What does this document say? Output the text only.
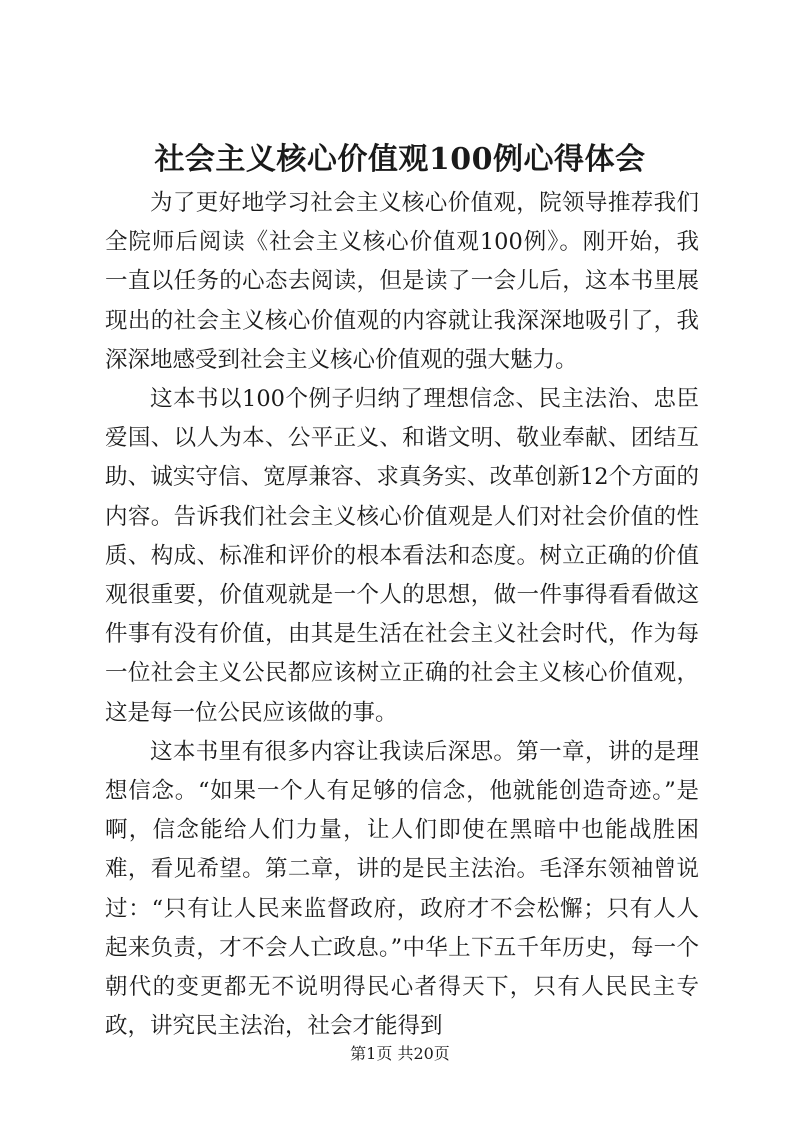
社会主义核心价值观100例心得体会

为了更好地学习社会主义核心价值观，院领导推荐我们全院师后阅读《社会主义核心价值观100例》。刚开始，我一直以任务的心态去阅读，但是读了一会儿后，这本书里展现出的社会主义核心价值观的内容就让我深深地吸引了，我深深地感受到社会主义核心价值观的强大魅力。

这本书以100个例子归纳了理想信念、民主法治、忠臣爱国、以人为本、公平正义、和谐文明、敬业奉献、团结互助、诚实守信、宽厚兼容、求真务实、改革创新12个方面的内容。告诉我们社会主义核心价值观是人们对社会价值的性质、构成、标准和评价的根本看法和态度。树立正确的价值观很重要，价值观就是一个人的思想，做一件事得看看做这件事有没有价值，由其是生活在社会主义社会时代，作为每一位社会主义公民都应该树立正确的社会主义核心价值观，这是每一位公民应该做的事。

这本书里有很多内容让我读后深思。第一章，讲的是理想信念。“如果一个人有足够的信念，他就能创造奇迹。”是啊，信念能给人们力量，让人们即使在黑暗中也能战胜困难，看见希望。第二章，讲的是民主法治。毛泽东领袖曾说过：“只有让人民来监督政府，政府才不会松懈；只有人人起来负责，才不会人亡政息。”中华上下五千年历史，每一个朝代的变更都无不说明得民心者得天下，只有人民民主专政，讲究民主法治，社会才能得到

第1页 共20页
